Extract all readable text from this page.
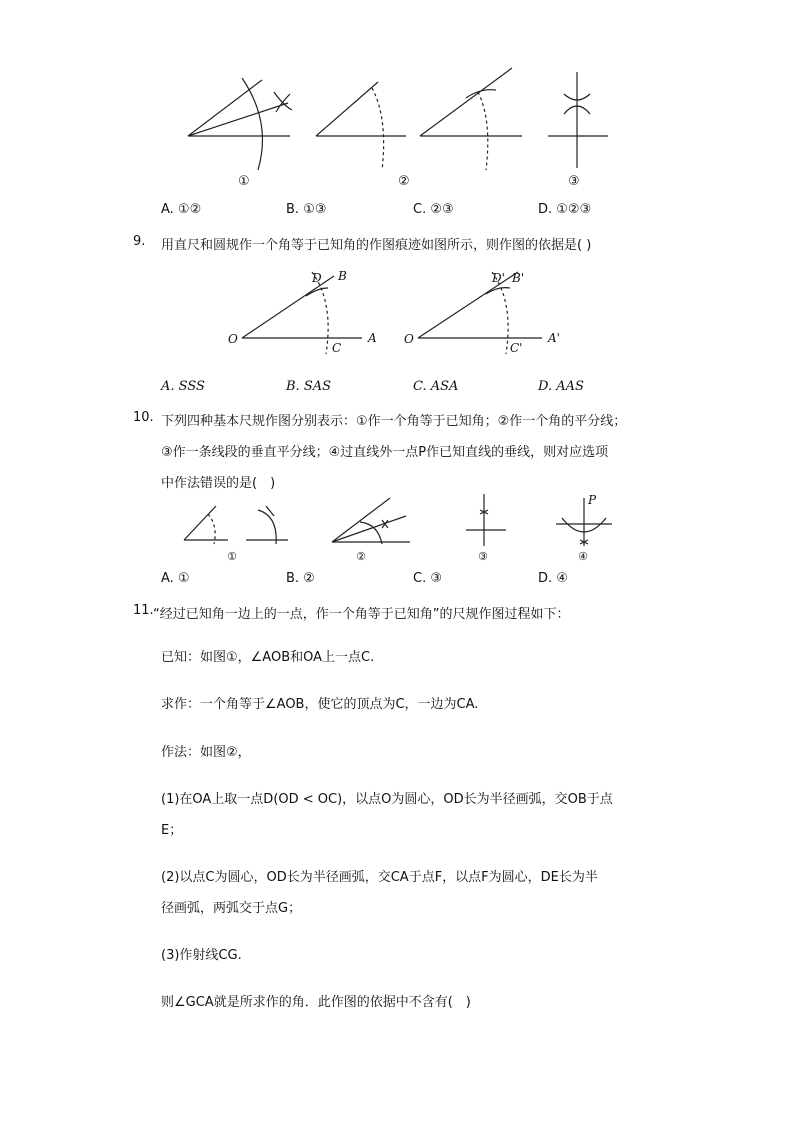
①	②	③
A. ①②	B. ①③	C. ②③	D. ①②③
9. 用直尺和圆规作一个角等于已知角的作图痕迹如图所示，则作图的依据是( )
O	A
B
C
D
O	A'
B'
C'
D'
A. SSS	B. SAS	C. ASA	D. AAS
10. 下列四种基本尺规作图分别表示：①作一个角等于已知角；②作一个角的平分线；
③作一条线段的垂直平分线；④过直线外一点P作已知直线的垂线，则对应选项
中作法错误的是(　)
P
①	②	③	④
A. ①	B. ②	C. ③	D. ④
11. “经过已知角一边上的一点，作一个角等于已知角”的尺规作图过程如下：
已知：如图①，∠AOB和OA上一点C.
求作：一个角等于∠AOB，使它的顶点为C，一边为CA.
作法：如图②，
(1)在OA上取一点D(OD < OC)，以点O为圆心，OD长为半径画弧，交OB于点
E；
(2)以点C为圆心，OD长为半径画弧，交CA于点F，以点F为圆心，DE长为半
径画弧，两弧交于点G；
(3)作射线CG.
则∠GCA就是所求作的角．此作图的依据中不含有(　)
